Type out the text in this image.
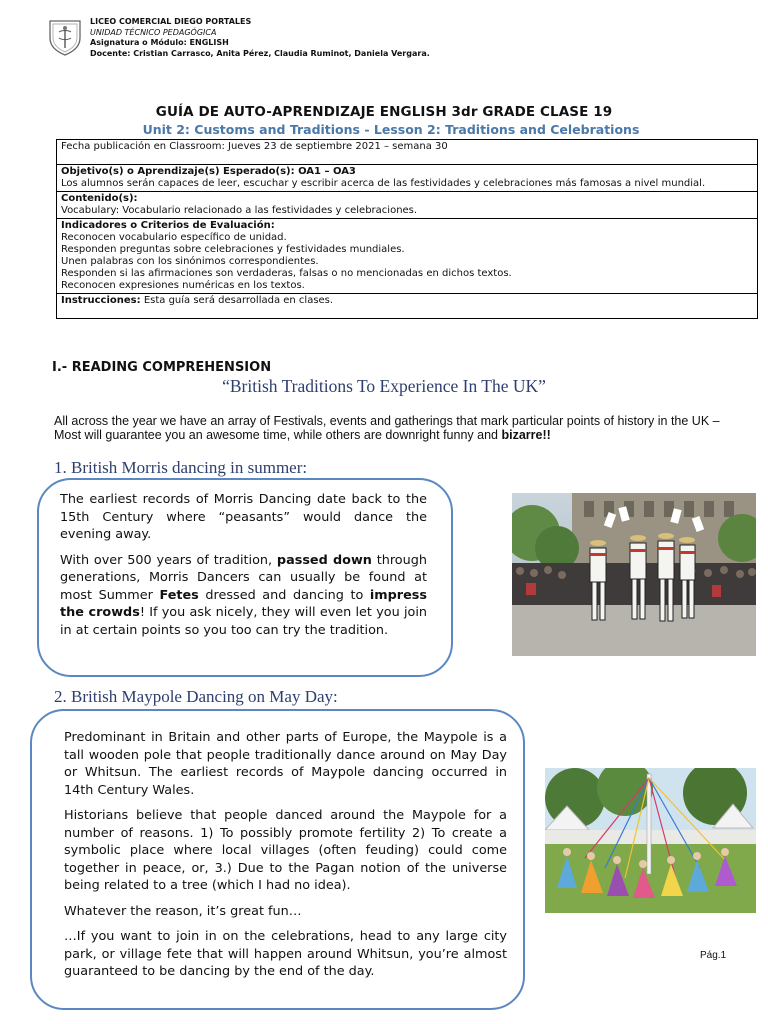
LICEO COMERCIAL DIEGO PORTALES
UNIDAD TÉCNICO PEDAGÓGICA
Asignatura o Módulo: ENGLISH
Docente: Cristian Carrasco, Anita Pérez, Claudia Ruminot, Daniela Vergara.
GUÍA DE AUTO-APRENDIZAJE ENGLISH 3dr GRADE CLASE 19
Unit 2: Customs and Traditions - Lesson 2: Traditions and Celebrations
Fecha publicación en Classroom: Jueves 23 de septiembre 2021 – semana 30
Objetivo(s) o Aprendizaje(s) Esperado(s): OA1 – OA3
Los alumnos serán capaces de leer, escuchar y escribir acerca de las festividades y celebraciones más famosas a nivel mundial.
Contenido(s):
Vocabulary: Vocabulario relacionado a las festividades y celebraciones.
Indicadores o Criterios de Evaluación:
Reconocen vocabulario específico de unidad.
Responden preguntas sobre celebraciones y festividades mundiales.
Unen palabras con los sinónimos correspondientes.
Responden si las afirmaciones son verdaderas, falsas o no mencionadas en dichos textos.
Reconocen expresiones numéricas en los textos.
Instrucciones: Esta guía será desarrollada en clases.
I.- READING COMPREHENSION
“British Traditions To Experience In The UK”
All across the year we have an array of Festivals, events and gatherings that mark particular points of history in the UK – Most will guarantee you an awesome time, while others are downright funny and bizarre!!
1. British Morris dancing in summer:

The earliest records of Morris Dancing date back to the 15th Century where “peasants” would dance the evening away.

With over 500 years of tradition, passed down through generations, Morris Dancers can usually be found at most Summer Fetes dressed and dancing to impress the crowds! If you ask nicely, they will even let you join in at certain points so you too can try the tradition.

2. British Maypole Dancing on May Day:

Predominant in Britain and other parts of Europe, the Maypole is a tall wooden pole that people traditionally dance around on May Day or Whitsun. The earliest records of Maypole dancing occurred in 14th Century Wales.

Historians believe that people danced around the Maypole for a number of reasons. 1) To possibly promote fertility 2) To create a symbolic place where local villages (often feuding) could come together in peace, or, 3.) Due to the Pagan notion of the universe being related to a tree (which I had no idea).

Whatever the reason, it’s great fun…

…If you want to join in on the celebrations, head to any large city park, or village fete that will happen around Whitsun, you’re almost guaranteed to be dancing by the end of the day.

Pág.1
